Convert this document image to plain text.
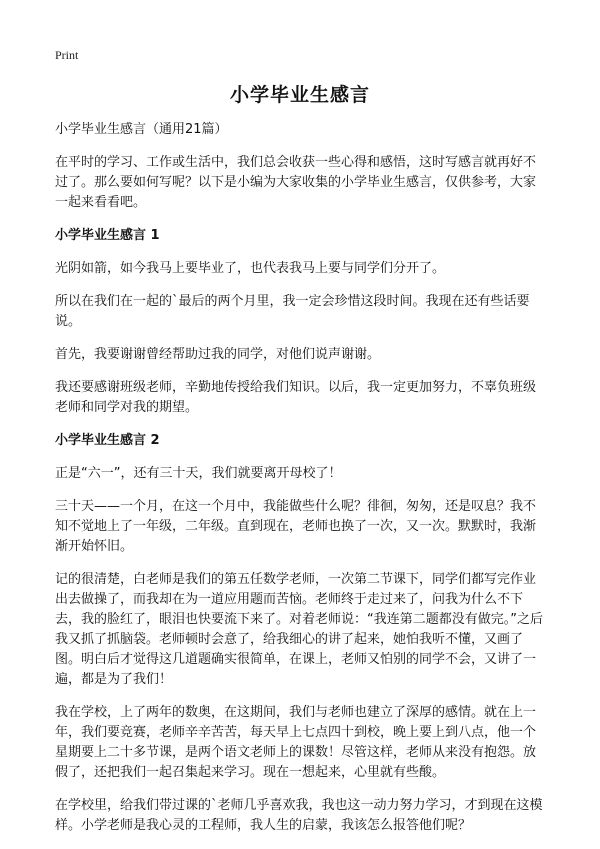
Print
小学毕业生感言

小学毕业生感言（通用21篇）

在平时的学习、工作或生活中，我们总会收获一些心得和感悟，这时写感言就再好不过了。那么要如何写呢？以下是小编为大家收集的小学毕业生感言，仅供参考，大家一起来看看吧。

小学毕业生感言 1

光阴如箭，如今我马上要毕业了，也代表我马上要与同学们分开了。

所以在我们在一起的`最后的两个月里，我一定会珍惜这段时间。我现在还有些话要说。

首先，我要谢谢曾经帮助过我的同学，对他们说声谢谢。

我还要感谢班级老师，辛勤地传授给我们知识。以后，我一定更加努力，不辜负班级老师和同学对我的期望。

小学毕业生感言 2

正是“六一”，还有三十天，我们就要离开母校了！

三十天——一个月，在这一个月中，我能做些什么呢？徘徊，匆匆，还是叹息？我不知不觉地上了一年级，二年级。直到现在，老师也换了一次，又一次。默默时，我渐渐开始怀旧。

记的很清楚，白老师是我们的第五任数学老师，一次第二节课下，同学们都写完作业出去做操了，而我却在为一道应用题而苦恼。老师终于走过来了，问我为什么不下去，我的脸红了，眼泪也快要流下来了。对着老师说：“我连第二题都没有做完。”之后我又抓了抓脑袋。老师顿时会意了，给我细心的讲了起来，她怕我听不懂，又画了图。明白后才觉得这几道题确实很简单，在课上，老师又怕别的同学不会，又讲了一遍，都是为了我们！

我在学校，上了两年的数奥，在这期间，我们与老师也建立了深厚的感情。就在上一年，我们要竞赛，老师辛辛苦苦，每天早上七点四十到校，晚上要上到八点，他一个星期要上二十多节课，是两个语文老师上的课数！尽管这样，老师从来没有抱怨。放假了，还把我们一起召集起来学习。现在一想起来，心里就有些酸。

在学校里，给我们带过课的`老师几乎喜欢我，我也这一动力努力学习，才到现在这模样。小学老师是我心灵的工程师，我人生的启蒙，我该怎么报答他们呢？
